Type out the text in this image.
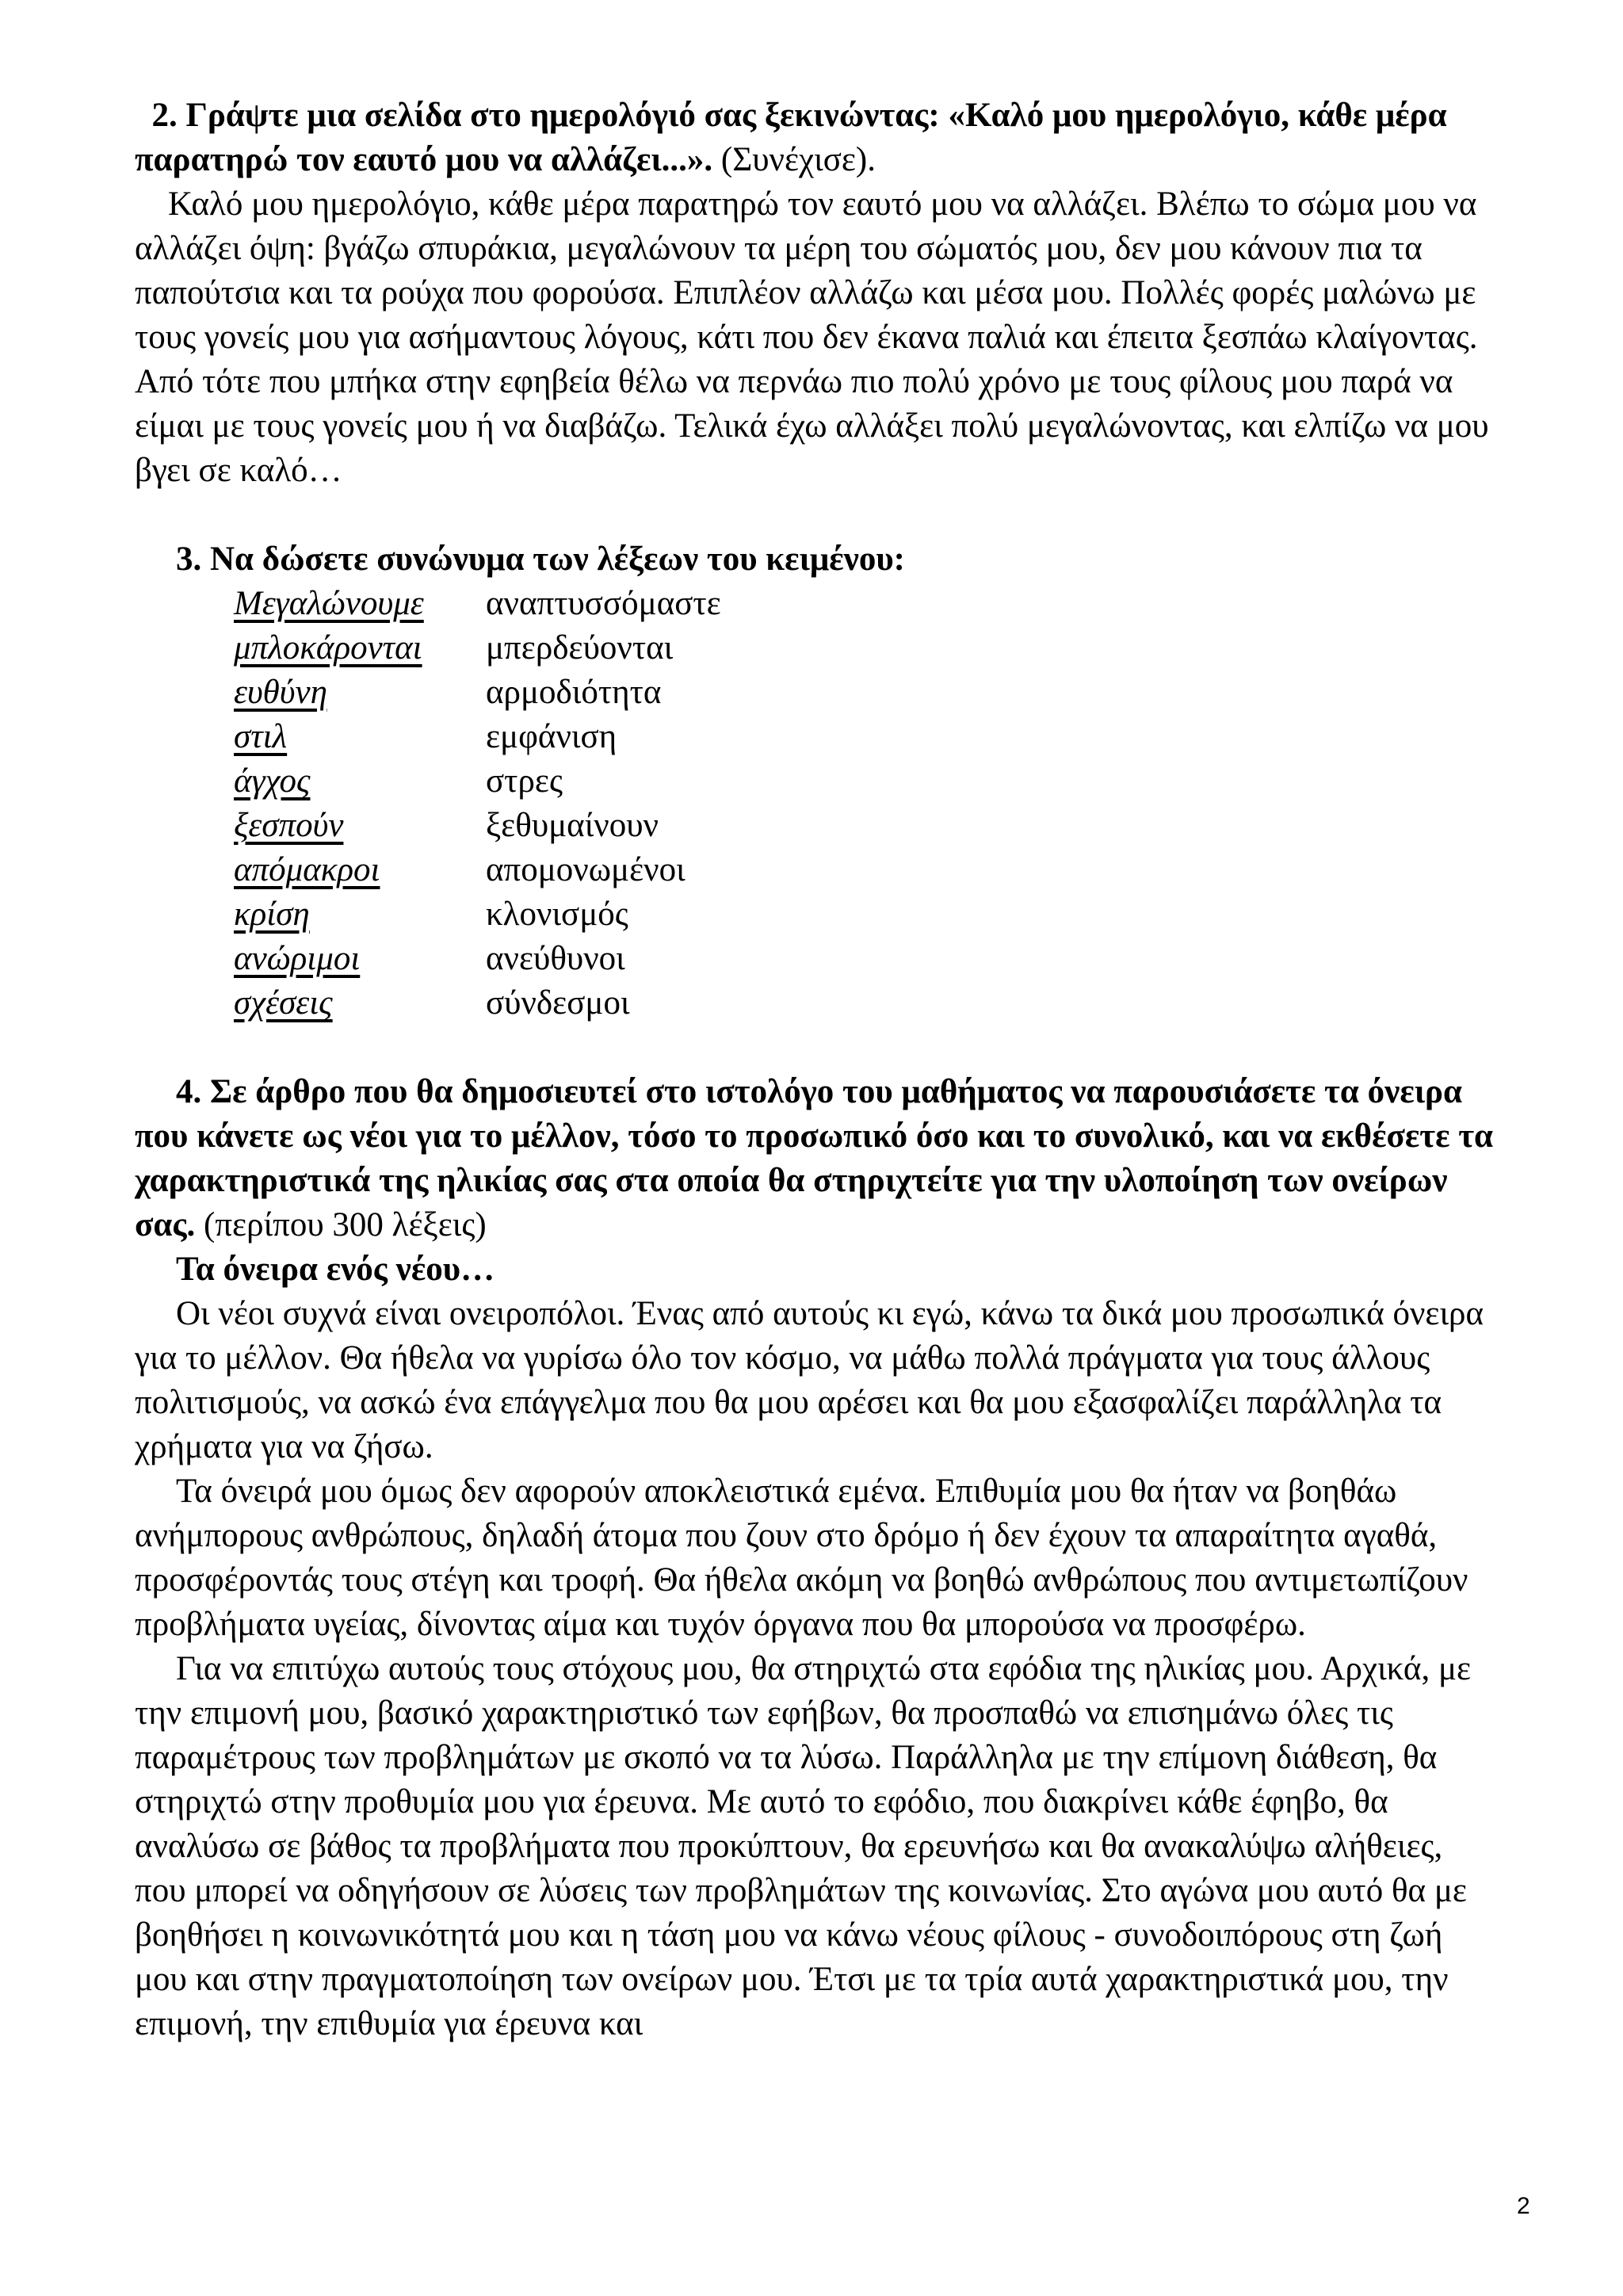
2. Γράψτε μια σελίδα στο ημερολόγιό σας ξεκινώντας: «Καλό μου ημερολόγιο, κάθε μέρα παρατηρώ τον εαυτό μου να αλλάζει...». (Συνέχισε).

Καλό μου ημερολόγιο, κάθε μέρα παρατηρώ τον εαυτό μου να αλλάζει. Βλέπω το σώμα μου να αλλάζει όψη: βγάζω σπυράκια, μεγαλώνουν τα μέρη του σώματός μου, δεν μου κάνουν πια τα παπούτσια και τα ρούχα που φορούσα. Επιπλέον αλλάζω και μέσα μου. Πολλές φορές μαλώνω με τους γονείς μου για ασήμαντους λόγους, κάτι που δεν έκανα παλιά και έπειτα ξεσπάω κλαίγοντας. Από τότε που μπήκα στην εφηβεία θέλω να περνάω πιο πολύ χρόνο με τους φίλους μου παρά να είμαι με τους γονείς μου ή να διαβάζω. Τελικά έχω αλλάξει πολύ μεγαλώνοντας, και ελπίζω να μου βγει σε καλό…

3. Να δώσετε συνώνυμα των λέξεων του κειμένου:

Μεγαλώνουμε	αναπτυσσόμαστε
μπλοκάρονται	μπερδεύονται
ευθύνη	αρμοδιότητα
στιλ	εμφάνιση
άγχος	στρες
ξεσπούν	ξεθυμαίνουν
απόμακροι	απομονωμένοι
κρίση	κλονισμός
ανώριμοι	ανεύθυνοι
σχέσεις	σύνδεσμοι

4. Σε άρθρο που θα δημοσιευτεί στο ιστολόγο του μαθήματος να παρουσιάσετε τα όνειρα που κάνετε ως νέοι για το μέλλον, τόσο το προσωπικό όσο και το συνολικό, και να εκθέσετε τα χαρακτηριστικά της ηλικίας σας στα οποία θα στηριχτείτε για την υλοποίηση των ονείρων σας. (περίπου 300 λέξεις)

Τα όνειρα ενός νέου…

Οι νέοι συχνά είναι ονειροπόλοι. Ένας από αυτούς κι εγώ, κάνω τα δικά μου προσωπικά όνειρα για το μέλλον. Θα ήθελα να γυρίσω όλο τον κόσμο, να μάθω πολλά πράγματα για τους άλλους πολιτισμούς, να ασκώ ένα επάγγελμα που θα μου αρέσει και θα μου εξασφαλίζει παράλληλα τα χρήματα για να ζήσω.

Τα όνειρά μου όμως δεν αφορούν αποκλειστικά εμένα. Επιθυμία μου θα ήταν να βοηθάω ανήμπορους ανθρώπους, δηλαδή άτομα που ζουν στο δρόμο ή δεν έχουν τα απαραίτητα αγαθά, προσφέροντάς τους στέγη και τροφή. Θα ήθελα ακόμη να βοηθώ ανθρώπους που αντιμετωπίζουν προβλήματα υγείας, δίνοντας αίμα και τυχόν όργανα που θα μπορούσα να προσφέρω.

Για να επιτύχω αυτούς τους στόχους μου, θα στηριχτώ στα εφόδια της ηλικίας μου. Αρχικά, με την επιμονή μου, βασικό χαρακτηριστικό των εφήβων, θα προσπαθώ να επισημάνω όλες τις παραμέτρους των προβλημάτων με σκοπό να τα λύσω. Παράλληλα με την επίμονη διάθεση, θα στηριχτώ στην προθυμία μου για έρευνα. Με αυτό το εφόδιο, που διακρίνει κάθε έφηβο, θα αναλύσω σε βάθος τα προβλήματα που προκύπτουν, θα ερευνήσω και θα ανακαλύψω αλήθειες, που μπορεί να οδηγήσουν σε λύσεις των προβλημάτων της κοινωνίας. Στο αγώνα μου αυτό θα με βοηθήσει η κοινωνικότητά μου και η τάση μου να κάνω νέους φίλους - συνοδοιπόρους στη ζωή μου και στην πραγματοποίηση των ονείρων μου. Έτσι με τα τρία αυτά χαρακτηριστικά μου, την επιμονή, την επιθυμία για έρευνα και

2
